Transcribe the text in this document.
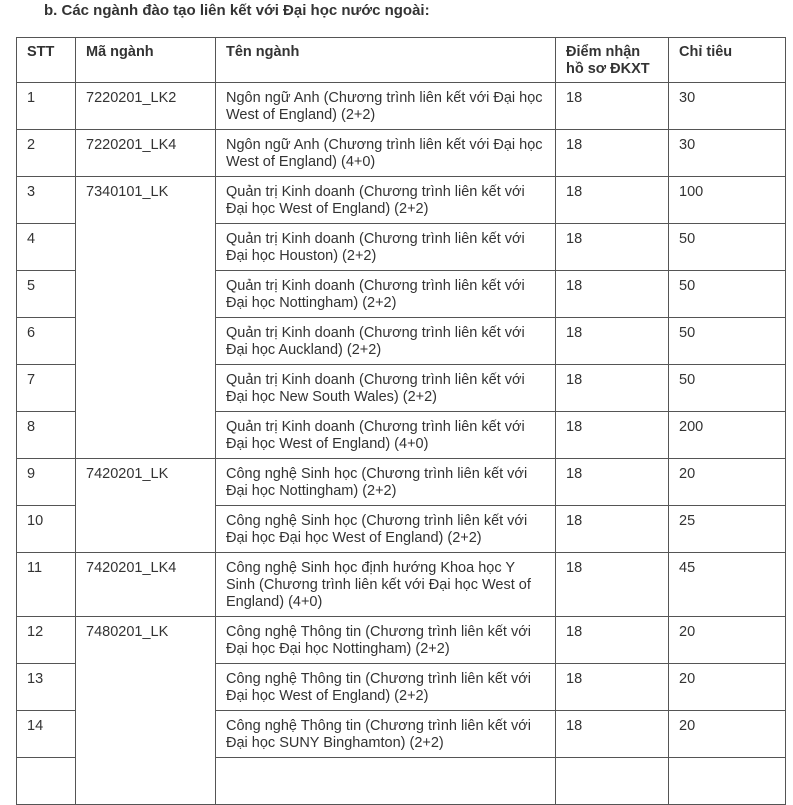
b. Các ngành đào tạo liên kết với Đại học nước ngoài:
STT	Mã ngành	Tên ngành	Điểm nhận hồ sơ ĐKXT	Chỉ tiêu
1	7220201_LK2	Ngôn ngữ Anh (Chương trình liên kết với Đại học West of England) (2+2)	18	30
2	7220201_LK4	Ngôn ngữ Anh (Chương trình liên kết với Đại học West of England) (4+0)	18	30
3	7340101_LK	Quản trị Kinh doanh (Chương trình liên kết với Đại học West of England) (2+2)	18	100
4		Quản trị Kinh doanh (Chương trình liên kết với Đại học Houston) (2+2)	18	50
5		Quản trị Kinh doanh (Chương trình liên kết với Đại học Nottingham) (2+2)	18	50
6		Quản trị Kinh doanh (Chương trình liên kết với Đại học Auckland) (2+2)	18	50
7		Quản trị Kinh doanh (Chương trình liên kết với Đại học New South Wales) (2+2)	18	50
8		Quản trị Kinh doanh (Chương trình liên kết với Đại học West of England) (4+0)	18	200
9	7420201_LK	Công nghệ Sinh học (Chương trình liên kết với Đại học Nottingham) (2+2)	18	20
10		Công nghệ Sinh học (Chương trình liên kết với Đại học Đại học West of England) (2+2)	18	25
11	7420201_LK4	Công nghệ Sinh học định hướng Khoa học Y Sinh (Chương trình liên kết với Đại học West of England) (4+0)	18	45
12	7480201_LK	Công nghệ Thông tin (Chương trình liên kết với Đại học Đại học Nottingham) (2+2)	18	20
13		Công nghệ Thông tin (Chương trình liên kết với Đại học West of England) (2+2)	18	20
14		Công nghệ Thông tin (Chương trình liên kết với Đại học SUNY Binghamton) (2+2)	18	20
